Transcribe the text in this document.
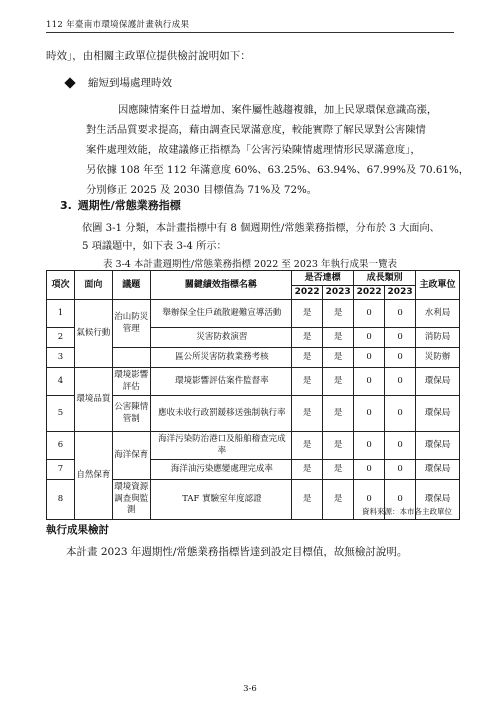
112 年臺南市環境保護計畫執行成果
時效」，由相關主政單位提供檢討說明如下：
縮短到場處理時效
因應陳情案件日益增加、案件屬性越趨複雜，加上民眾環保意識高漲，
對生活品質要求提高，藉由調查民眾滿意度，較能實際了解民眾對公害陳情
案件處理效能，故建議修正指標為「公害污染陳情處理情形民眾滿意度」，
另依據 108 年至 112 年滿意度 60%、63.25%、63.94%、67.99%及 70.61%，
分別修正 2025 及 2030 目標值為 71%及 72%。
3. 週期性/常態業務指標
依圖 3-1 分類，本計畫指標中有 8 個週期性/常態業務指標，分布於 3 大面向、
5 項議題中，如下表 3-4 所示：
表 3-4 本計畫週期性/常態業務指標 2022 至 2023 年執行成果一覽表
項次	面向	議題	關鍵績效指標名稱	是否達標		成長類別		主政單位
				2022	2023	2022	2023	
1	氣候行動	治山防災管理	舉辦保全住戶疏散避難宣導活動	是	是	0	0	水利局
2			災害防救演習	是	是	0	0	消防局
3			區公所災害防救業務考核	是	是	0	0	災防辦
4	環境品質	環境影響評估	環境影響評估案件監督率	是	是	0	0	環保局
5		公害陳情管制	應收未收行政罰鍰移送強制執行率	是	是	0	0	環保局
6	自然保育	海洋保育	海洋污染防治港口及船舶稽查完成率	是	是	0	0	環保局
7			海洋油污染應變處理完成率	是	是	0	0	環保局
8		環境資源調查與監測	TAF 實驗室年度認證	是	是	0	0	環保局
資料來源：本市各主政單位
執行成果檢討
本計畫 2023 年週期性/常態業務指標皆達到設定目標值，故無檢討說明。
3-6
